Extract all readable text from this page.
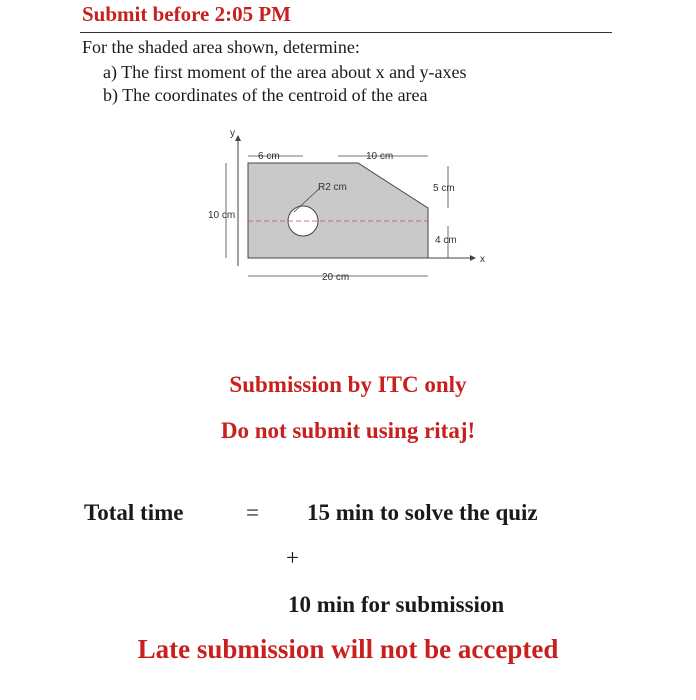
Submit before 2:05 PM
For the shaded area shown, determine:
a) The first moment of the area about x and y-axes
b) The coordinates of the centroid of the area
y
R2 cm
6 cm	10 cm
5 cm
4 cm
10 cm
x
20 cm
Submission by ITC only
Do not submit using ritaj!
Total time	= 15 min to solve the quiz
+
10 min for submission
Late submission will not be accepted
